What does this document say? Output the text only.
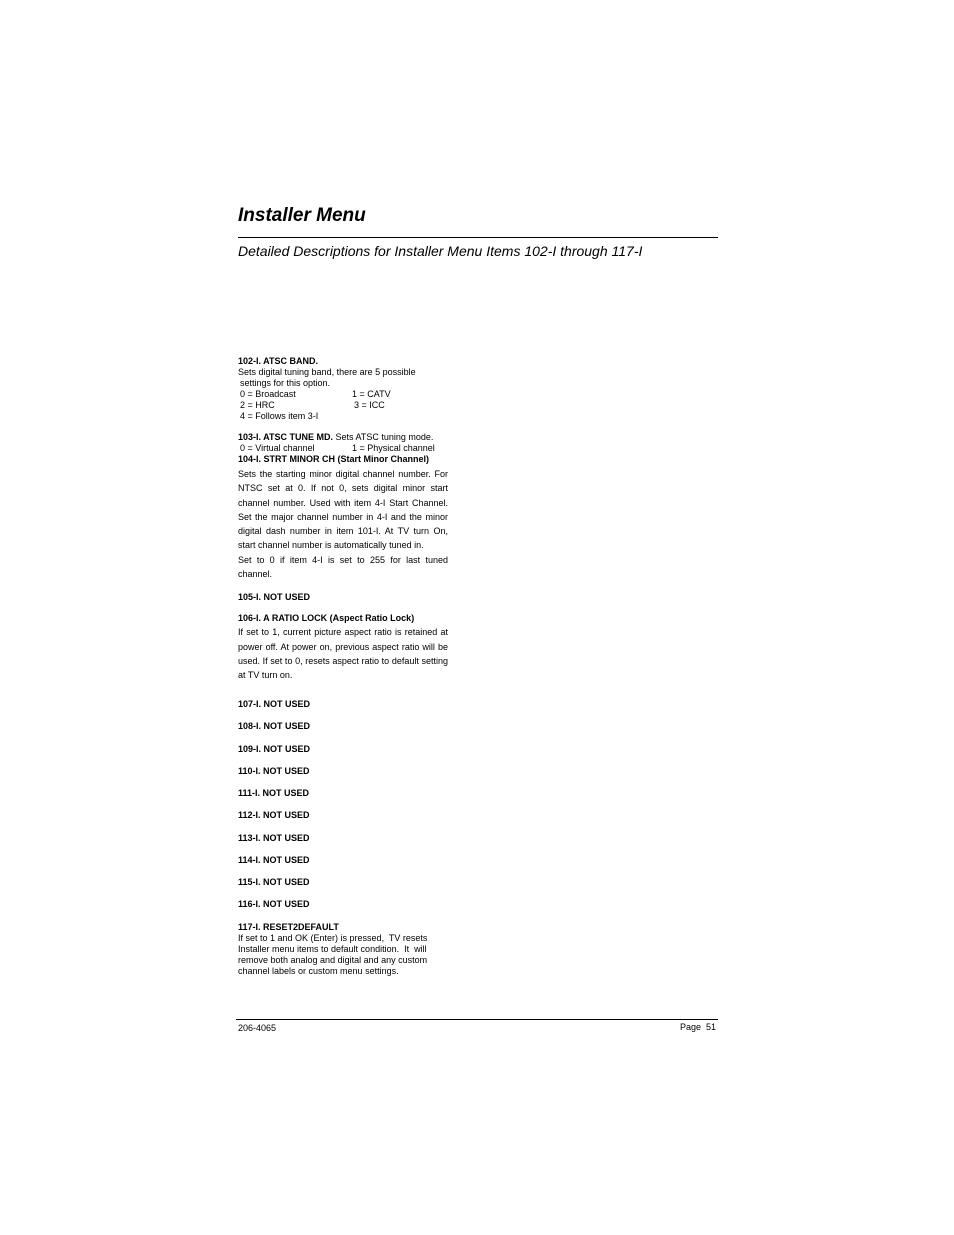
Installer Menu
Detailed Descriptions for Installer Menu Items 102-I through 117-I
102-I. ATSC BAND.
Sets digital tuning band, there are 5 possible
settings for this option.
0 = Broadcast	1 = CATV
2 = HRC	3 = ICC
4 = Follows item 3-I
103-I. ATSC TUNE MD. Sets ATSC tuning mode.
0 = Virtual channel	1 = Physical channel
104-I. STRT MINOR CH (Start Minor Channel)
Sets the starting minor digital channel number. For NTSC set at 0. If not 0, sets digital minor start channel number. Used with item 4-I Start Channel. Set the major channel number in 4-I and the minor digital dash number in item 101-I. At TV turn On, start channel number is automatically tuned in.
Set to 0 if item 4-I is set to 255 for last tuned channel.
105-I. NOT USED
106-I. A RATIO LOCK (Aspect Ratio Lock)
If set to 1, current picture aspect ratio is retained at power off. At power on, previous aspect ratio will be used. If set to 0, resets aspect ratio to default setting at TV turn on.
107-I. NOT USED
108-I. NOT USED
109-I. NOT USED
110-I. NOT USED
111-I. NOT USED
112-I. NOT USED
113-I. NOT USED
114-I. NOT USED
115-I. NOT USED
116-I. NOT USED
117-I. RESET2DEFAULT
If set to 1 and OK (Enter) is pressed,  TV resets
Installer menu items to default condition.  It  will
remove both analog and digital and any custom
channel labels or custom menu settings.
206-4065	Page 51
